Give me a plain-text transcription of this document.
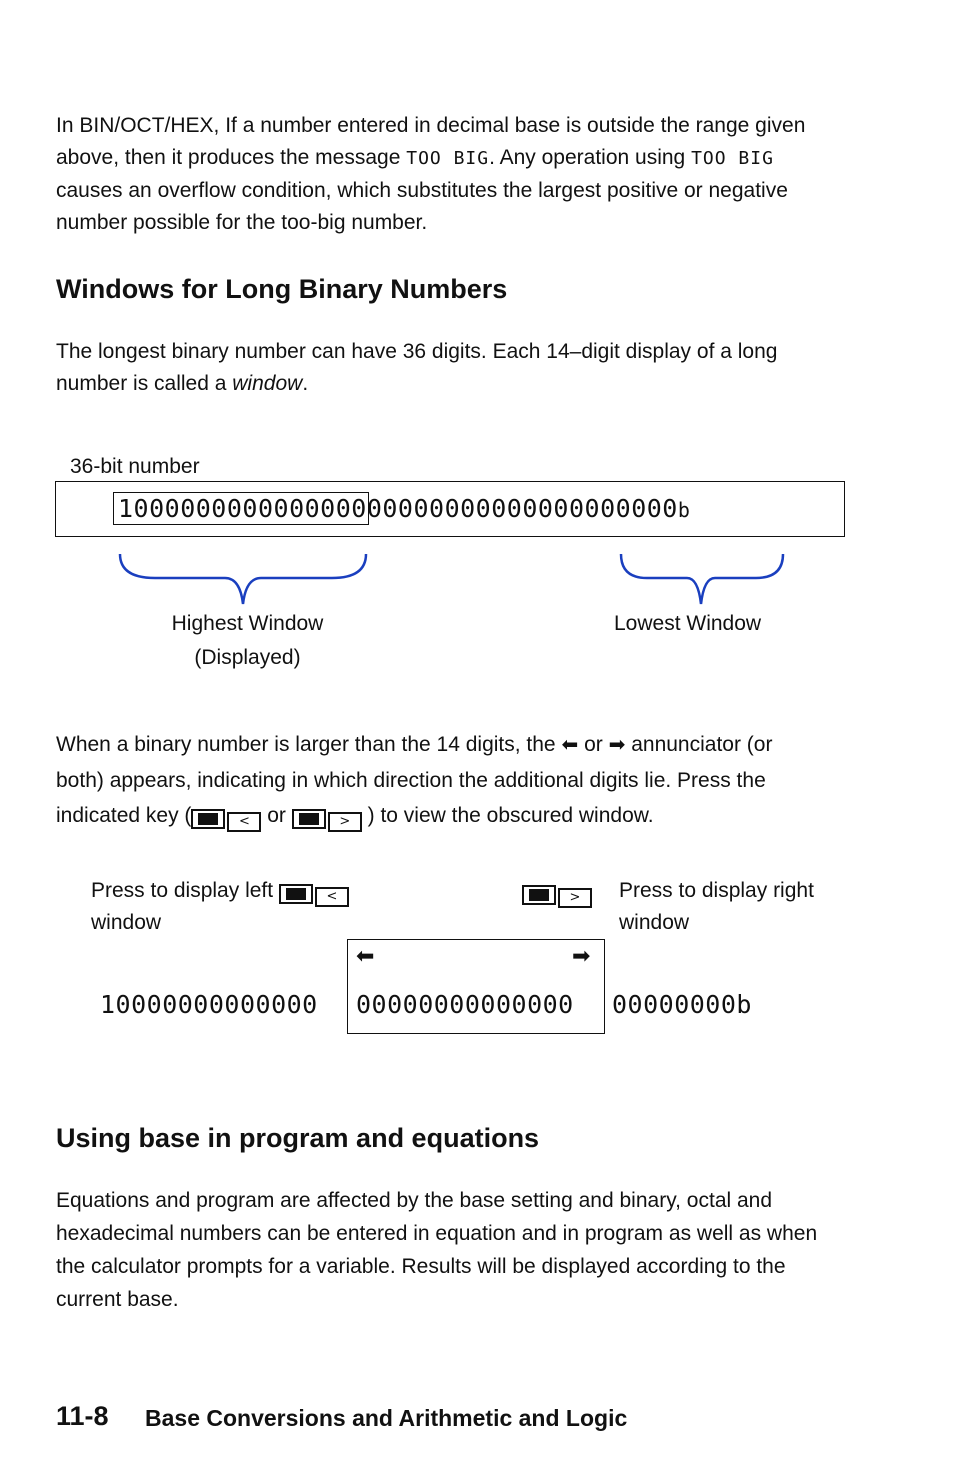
In BIN/OCT/HEX, If a number entered in decimal base is outside the range given
above, then it produces the message TOO BIG. Any operation using TOO BIG
causes an overflow condition, which substitutes the largest positive or negative
number possible for the too-big number.
Windows for Long Binary Numbers
The longest binary number can have 36 digits. Each 14–digit display of a long
number is called a window.
36-bit number
100000000000000000000000000000000000b
Highest Window
(Displayed)
Lowest Window
When a binary number is larger than the 14 digits, the ⬅ or ➡ annunciator (or
both) appears, indicating in which direction the additional digits lie. Press the
indicated key (	< or	> ) to view the obscured window.
Press to display left	<
window
>	Press to display right
window
⬅	➡
10000000000000 00000000000000 00000000b
Using base in program and equations
Equations and program are affected by the base setting and binary, octal and
hexadecimal numbers can be entered in equation and in program as well as when
the calculator prompts for a variable. Results will be displayed according to the
current base.
11-8 Base Conversions and Arithmetic and Logic
